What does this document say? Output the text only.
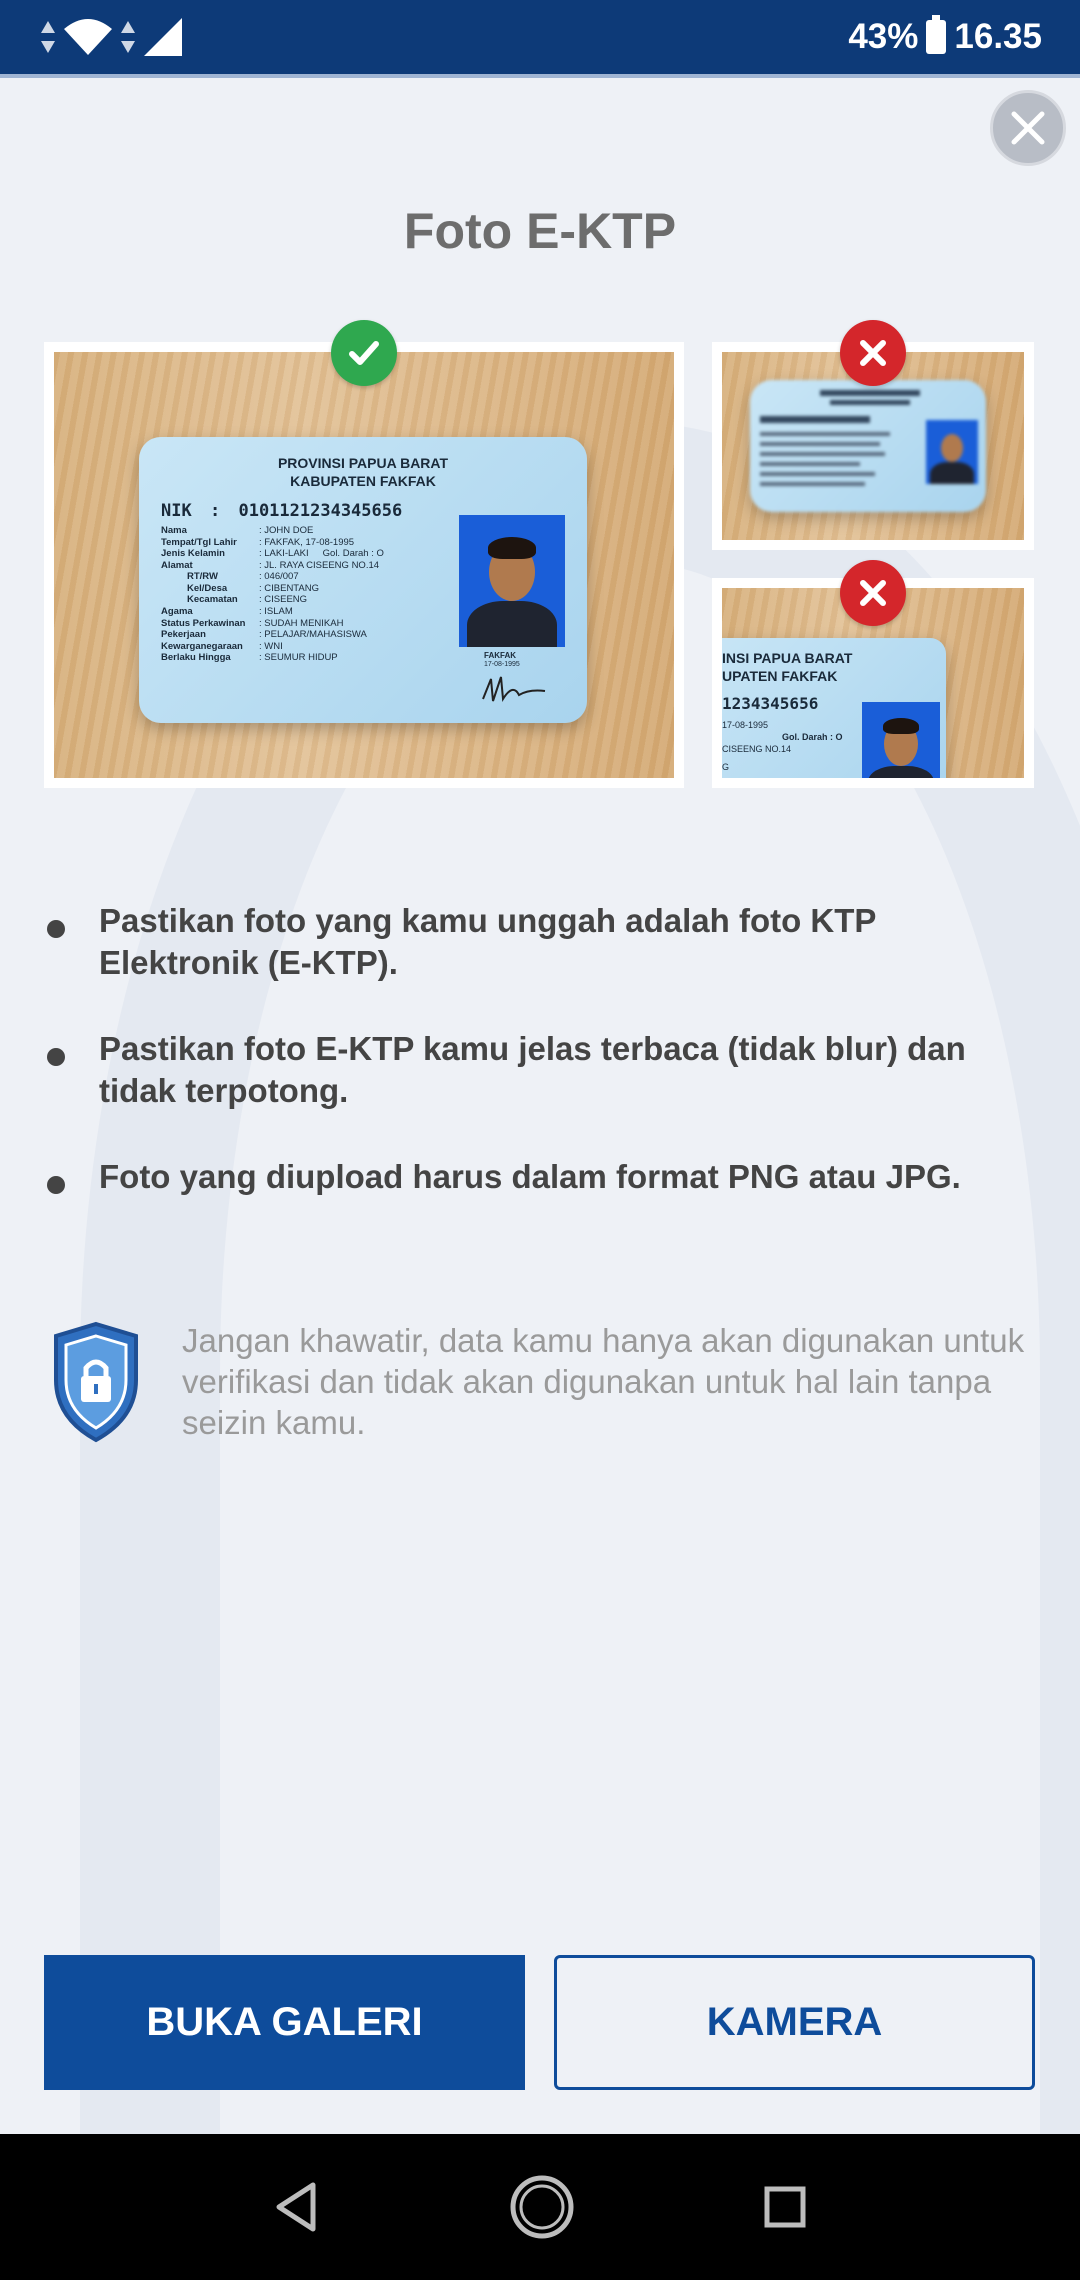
43% 16.35
Foto E-KTP
PROVINSI PAPUA BARAT
KABUPATEN FAKFAK
NIK : 0101121234345656
Nama	: JOHN DOE
Tempat/Tgl Lahir : FAKFAK, 17-08-1995
Jenis Kelamin	: LAKI-LAKI Gol. Darah : O
Alamat	: JL. RAYA CISEENG NO.14
RT/RW	: 046/007
Kel/Desa	: CIBENTANG
Kecamatan : CISEENG
Agama	: ISLAM
Status Perkawinan : SUDAH MENIKAH
Pekerjaan	: PELAJAR/MAHASISWA
Kewarganegaraan : WNI
Berlaku Hingga	: SEUMUR HIDUP	FAKFAK
17-08-1995	INSI PAPUA BARAT
UPATEN FAKFAK
1234345656
17-08-1995
Gol. Darah : O
CISEENG NO.14
G
Pastikan foto yang kamu unggah adalah foto KTP Elektronik (E-KTP).
Pastikan foto E-KTP kamu jelas terbaca (tidak blur) dan tidak terpotong.
Foto yang diupload harus dalam format PNG atau JPG.
Jangan khawatir, data kamu hanya akan digunakan untuk verifikasi dan tidak akan digunakan untuk hal lain tanpa seizin kamu.
BUKA GALERI	KAMERA
